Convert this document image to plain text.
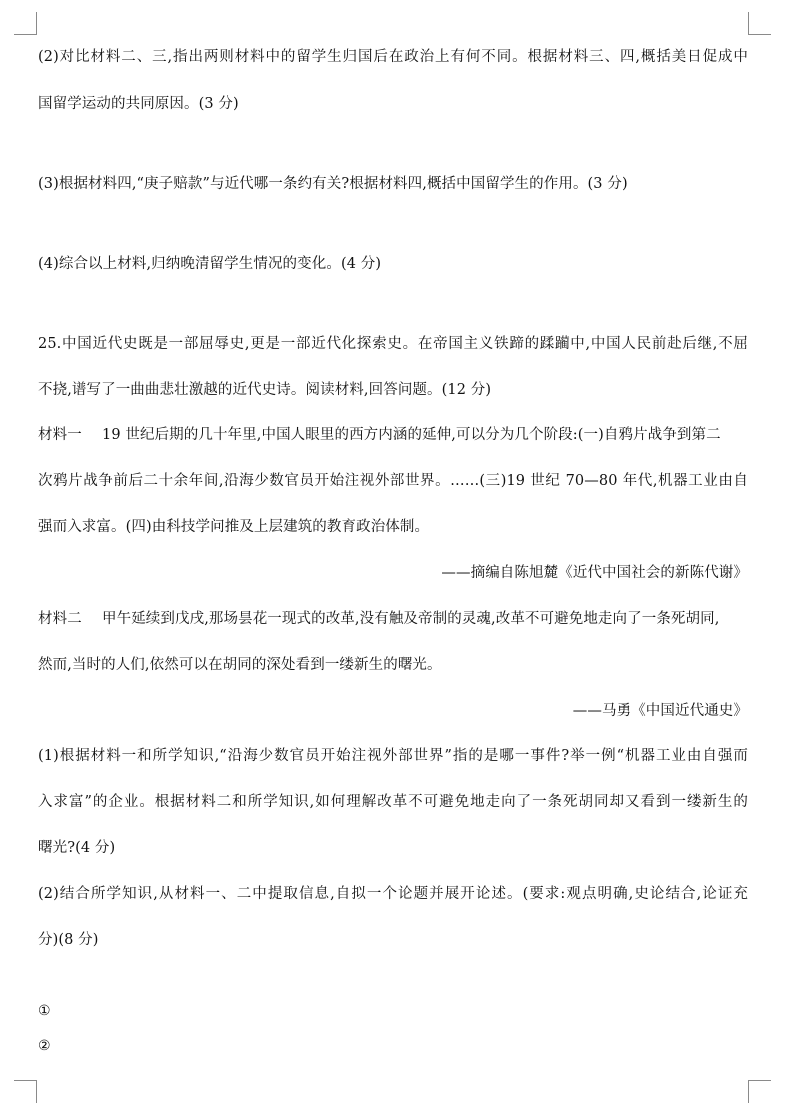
(2)对比材料二、三,指出两则材料中的留学生归国后在政治上有何不同。根据材料三、四,概括美日促成中
国留学运动的共同原因。(3 分)
(3)根据材料四,“庚子赔款”与近代哪一条约有关?根据材料四,概括中国留学生的作用。(3 分)
(4)综合以上材料,归纳晚清留学生情况的变化。(4 分)
25.中国近代史既是一部屈辱史,更是一部近代化探索史。在帝国主义铁蹄的蹂躏中,中国人民前赴后继,不屈
不挠,谱写了一曲曲悲壮激越的近代史诗。阅读材料,回答问题。(12 分)
材料一 19 世纪后期的几十年里,中国人眼里的西方内涵的延伸,可以分为几个阶段:(一)自鸦片战争到第二
次鸦片战争前后二十余年间,沿海少数官员开始注视外部世界。……(三)19 世纪 70—80 年代,机器工业由自
强而入求富。(四)由科技学问推及上层建筑的教育政治体制。
——摘编自陈旭麓《近代中国社会的新陈代谢》
材料二 甲午延续到戊戌,那场昙花一现式的改革,没有触及帝制的灵魂,改革不可避免地走向了一条死胡同,
然而,当时的人们,依然可以在胡同的深处看到一缕新生的曙光。
——马勇《中国近代通史》
(1)根据材料一和所学知识,“沿海少数官员开始注视外部世界”指的是哪一事件?举一例“机器工业由自强而
入求富”的企业。根据材料二和所学知识,如何理解改革不可避免地走向了一条死胡同却又看到一缕新生的
曙光?(4 分)
(2)结合所学知识,从材料一、二中提取信息,自拟一个论题并展开论述。(要求:观点明确,史论结合,论证充
分)(8 分)
①
②
